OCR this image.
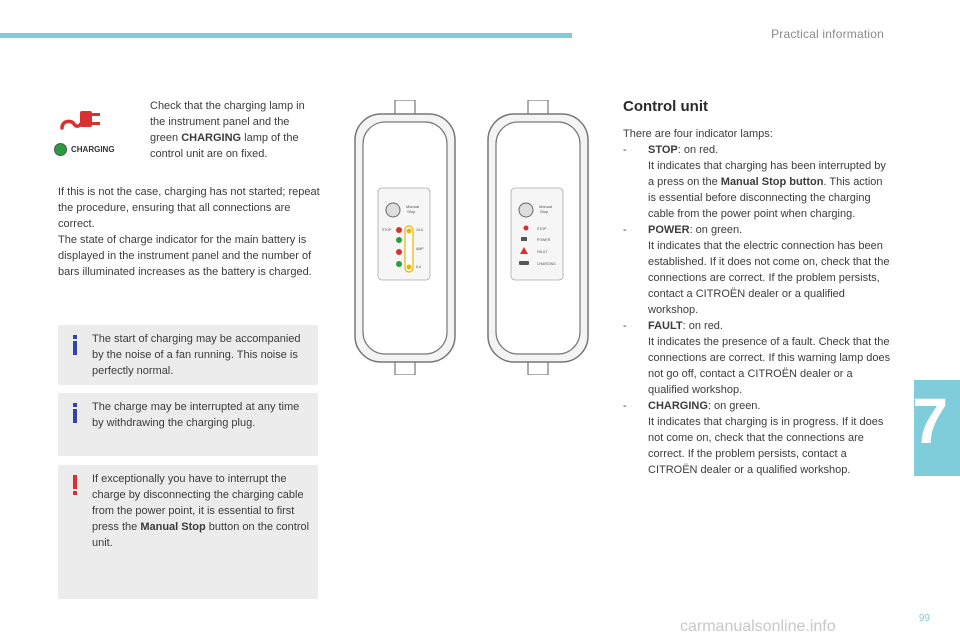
Practical information
7
99
carmanualsonline.info
CHARGING
Check that the charging lamp in the instrument panel and the green CHARGING lamp of the control unit are on fixed.
If this is not the case, charging has not started; repeat the procedure, ensuring that all connections are correct.
The state of charge indicator for the main battery is displayed in the instrument panel and the number of bars illuminated increases as the battery is charged.
The start of charging may be accompanied by the noise of a fan running. This noise is perfectly normal.
The charge may be interrupted at any time by withdrawing the charging plug.
If exceptionally you have to interrupt the charge by disconnecting the charging cable from the power point, it is essential to first press the Manual Stop button on the control unit.
Manual
Stop
STOP	16 A
AMP
8 A
Manual
Stop
STOP
POWER
FAULT
CHARGING
Control unit
There are four indicator lamps:
- STOP: on red.
It indicates that charging has been interrupted by a press on the Manual Stop button. This action is essential before disconnecting the charging cable from the power point when charging.
- POWER: on green.
It indicates that the electric connection has been established. If it does not come on, check that the connections are correct. If the problem persists, contact a CITROËN dealer or a qualified workshop.
- FAULT: on red.
It indicates the presence of a fault. Check that the connections are correct. If this warning lamp does not go off, contact a CITROËN dealer or a qualified workshop.
- CHARGING: on green.
It indicates that charging is in progress. If it does not come on, check that the connections are correct. If the problem persists, contact a CITROËN dealer or a qualified workshop.
